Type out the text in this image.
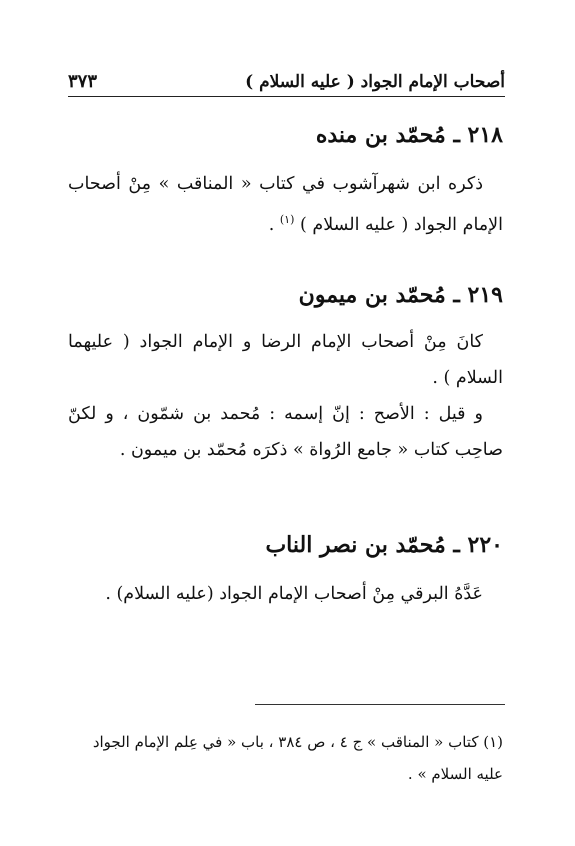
٣٧٣	أصحاب الإمام الجواد ( عليه السلام )
٢١٨ ـ مُحمّد بن منده
ذكره ابن شهرآشوب في كتاب « المناقب » مِنْ أصحاب الإمام الجواد ( عليه السلام ) $^{(١)}$ .
٢١٩ ـ مُحمّد بن ميمون
كانَ مِنْ أصحاب الإمام الرضا و الإمام الجواد ( عليهما السلام ) .
و قيل : الأصح : إنّ إسمه : مُحمد بن شمّون ، و لكنّ صاحِب كتاب « جامع الرُواة » ذكرَه مُحمّد بن ميمون .
٢٢٠ ـ مُحمّد بن نصر الناب
عَدَّهُ البرقي مِنْ أصحاب الإمام الجواد (عليه السلام) .
(١) كتاب « المناقب » ج ٤ ، ص ٣٨٤ ، باب « في عِلم الإمام الجواد عليه السلام » .
